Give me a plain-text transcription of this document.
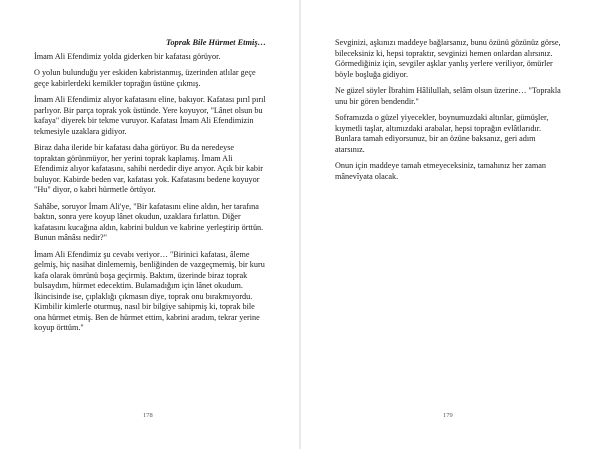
Toprak Bile Hürmet Etmiş…

İmam Ali Efendimiz yolda giderken bir kafatası görüyor.

O yolun bulunduğu yer eskiden kabristanmış, üzerinden atlılar geçe geçe kabirlerdeki kemikler toprağın üstüne çıkmış.

İmam Ali Efendimiz alıyor kafatasını eline, bakıyor. Kafatası pırıl pırıl parlıyor. Bir parça toprak yok üstünde. Yere koyuyor, "Lânet olsun bu kafaya" diyerek bir tekme vuruyor. Kafatası İmam Ali Efendimizin tekmesiyle uzaklara gidiyor.

Biraz daha ileride bir kafatası daha görüyor. Bu da neredeyse topraktan görünmüyor, her yerini toprak kaplamış. İmam Ali Efendimiz alıyor kafatasını, sahibi nerdedir diye arıyor. Açık bir kabir buluyor. Kabirde beden var, kafatası yok. Kafatasını bedene koyuyor "Hu" diyor, o kabri hürmetle örtüyor.

Sahâbe, soruyor İmam Ali'ye, "Bir kafatasını eline aldın, her tarafına baktın, sonra yere koyup lânet okudun, uzaklara fırlattın. Diğer kafatasını kucağına aldın, kabrini buldun ve kabrine yerleştirip örttün. Bunun mânâsı nedir?"

İmam Ali Efendimiz şu cevabı veriyor… "Birinici kafatası, âleme gelmiş, hiç nasihat dinlememiş, benliğinden de vazgeçmemiş, bir kuru kafa olarak ömrünü boşa geçirmiş. Baktım, üzerinde biraz toprak bulsaydım, hürmet edecektim. Bulamadığım için lânet okudum. İkincisinde ise, çıplaklığı çıkmasın diye, toprak onu bırakmıyordu. Kimbilir kimlerle oturmuş, nasıl bir bilgiye sahipmiş ki, toprak bile ona hürmet etmiş. Ben de hürmet ettim, kabrini aradım, tekrar yerine koyup örttüm."

178

Sevginizi, aşkınızı maddeye bağlarsanız, bunu özünü gözünüz görse, bileceksiniz ki, hepsi topraktır, sevginizi hemen onlardan alırsınız. Görmediğiniz için, sevgiler aşklar yanlış yerlere veriliyor, ömürler böyle boşluğa gidiyor.

Ne güzel söyler İbrahim Hâlilullah, selâm olsun üzerine… "Toprakla unu bir gören bendendir."

Soframızda o güzel yiyecekler, boynumuzdaki altınlar, gümüşler, kıymetli taşlar, altımızdaki arabalar, hepsi toprağın evlâtlarıdır. Bunlara tamah ediyorsunuz, bir an özüne baksanız, geri adım atarsınız.

Onun için maddeye tamah etmeyeceksiniz, tamahınız her zaman mânevîyata olacak.

179
